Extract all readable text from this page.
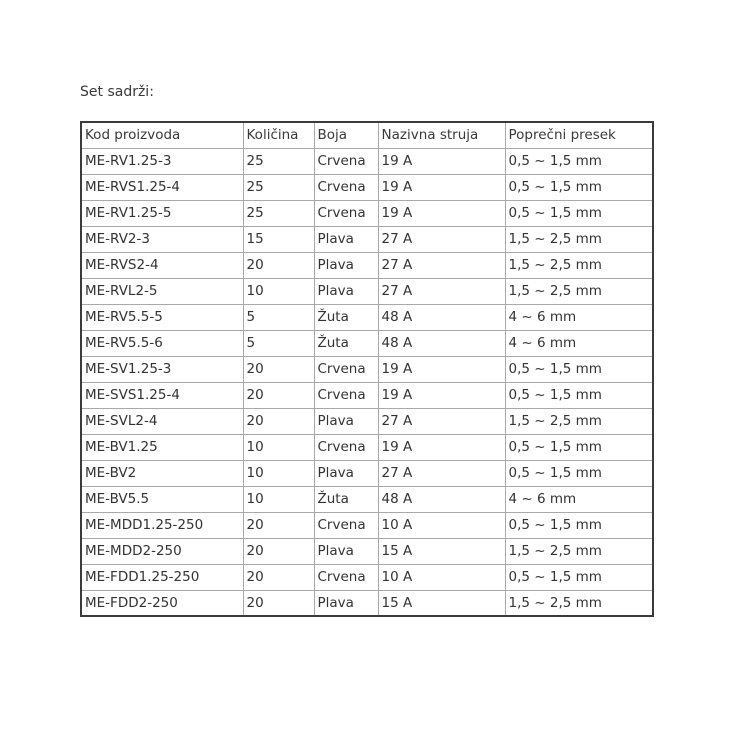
Set sadrži:
Kod proizvoda	Količina	Boja	Nazivna struja	Poprečni presek
ME-RV1.25-3	25	Crvena	19 A	0,5 ~ 1,5 mm
ME-RVS1.25-4	25	Crvena	19 A	0,5 ~ 1,5 mm
ME-RV1.25-5	25	Crvena	19 A	0,5 ~ 1,5 mm
ME-RV2-3	15	Plava	27 A	1,5 ~ 2,5 mm
ME-RVS2-4	20	Plava	27 A	1,5 ~ 2,5 mm
ME-RVL2-5	10	Plava	27 A	1,5 ~ 2,5 mm
ME-RV5.5-5	5	Žuta	48 A	4 ~ 6 mm
ME-RV5.5-6	5	Žuta	48 A	4 ~ 6 mm
ME-SV1.25-3	20	Crvena	19 A	0,5 ~ 1,5 mm
ME-SVS1.25-4	20	Crvena	19 A	0,5 ~ 1,5 mm
ME-SVL2-4	20	Plava	27 A	1,5 ~ 2,5 mm
ME-BV1.25	10	Crvena	19 A	0,5 ~ 1,5 mm
ME-BV2	10	Plava	27 A	0,5 ~ 1,5 mm
ME-BV5.5	10	Žuta	48 A	4 ~ 6 mm
ME-MDD1.25-250	20	Crvena	10 A	0,5 ~ 1,5 mm
ME-MDD2-250	20	Plava	15 A	1,5 ~ 2,5 mm
ME-FDD1.25-250	20	Crvena	10 A	0,5 ~ 1,5 mm
ME-FDD2-250	20	Plava	15 A	1,5 ~ 2,5 mm
